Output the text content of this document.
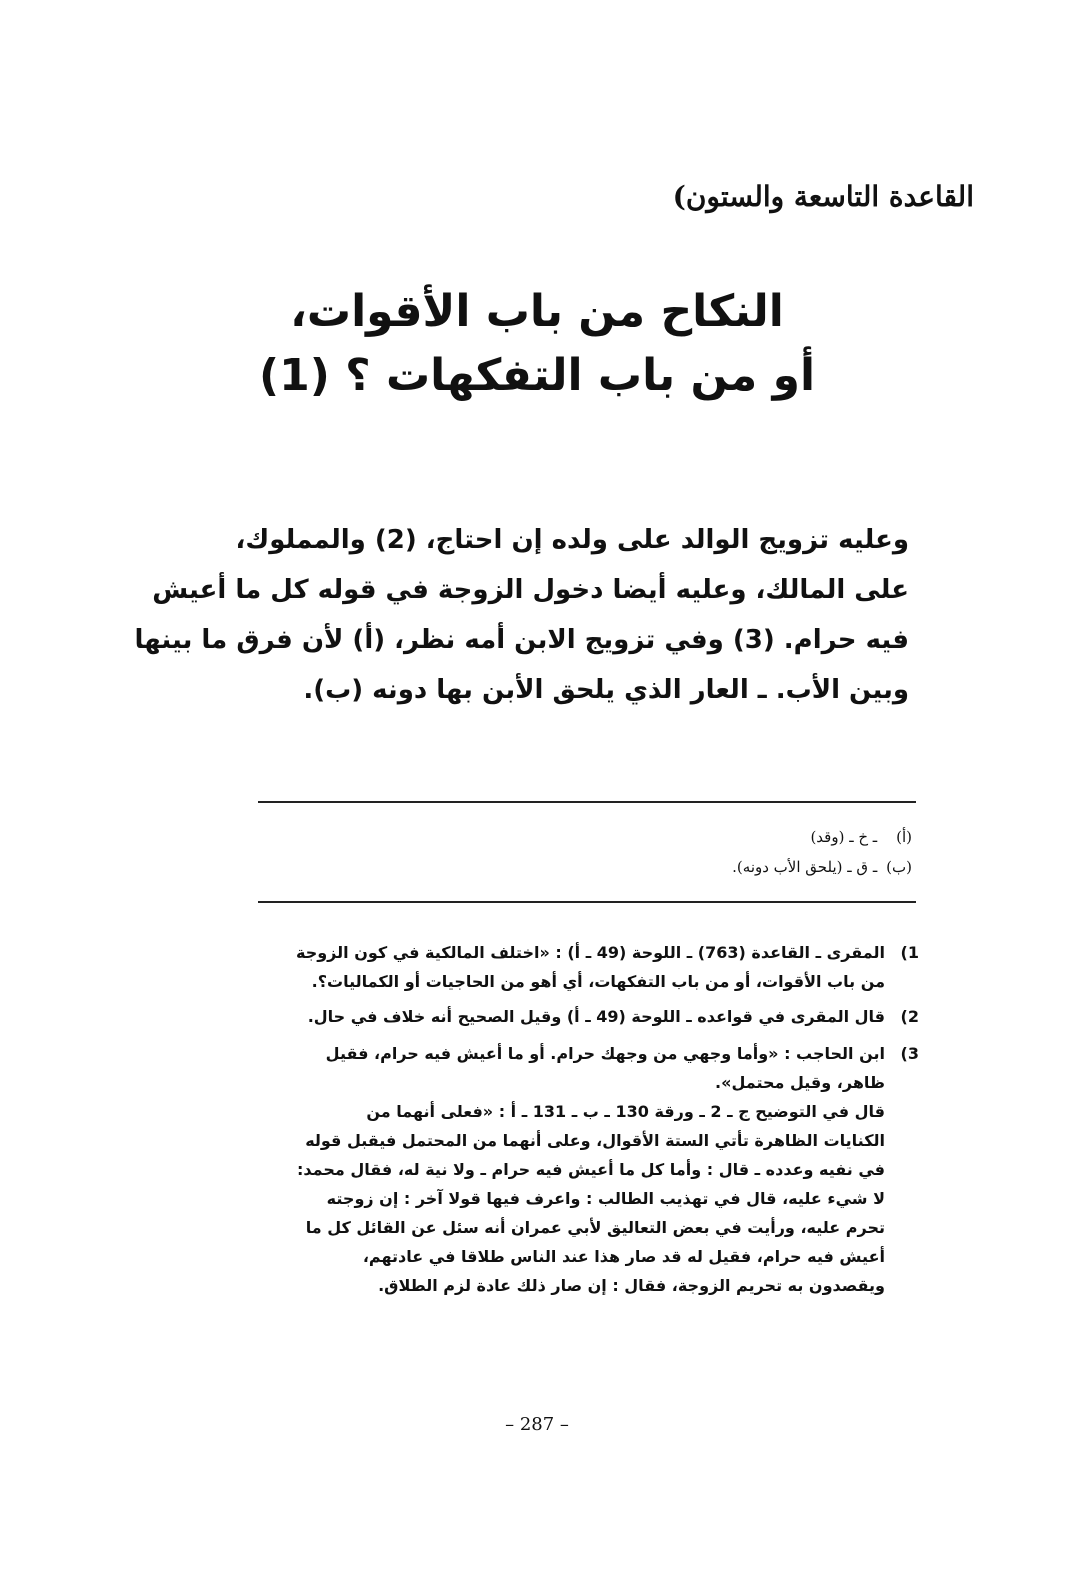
القاعدة التاسعة والستون)
النكاح من باب الأقوات،
أو من باب التفكهات ؟ (1)
وعليه تزويج الوالد على ولده إن احتاج، (2) والمملوك،
على المالك، وعليه أيضا دخول الزوجة في قوله كل ما أعيش
فيه حرام. (3) وفي تزويج الابن أمه نظر، (أ) لأن فرق ما بينها
وبين الأب. ـ العار الذي يلحق الأبن بها دونه (ب).
(أ) ـ خ ـ (وقد)
(ب) ـ ق ـ (يلحق الأب دونه).
1)
المقرى ـ القاعدة (763) ـ اللوحة (49 ـ أ) : «اختلف المالكية في كون الزوجة
من باب الأقوات، أو من باب التفكهات، أي أهو من الحاجيات أو الكماليات؟.
2)
قال المقرى في قواعده ـ اللوحة (49 ـ أ) وقيل الصحيح أنه خلاف في حال.
3)
ابن الحاجب : «وأما وجهي من وجهك حرام. أو ما أعيش فيه حرام، فقيل
ظاهر، وقيل محتمل».
قال في التوضيح ج ـ 2 ـ ورقة 130 ـ ب ـ 131 ـ أ : «فعلى أنهما من
الكنايات الظاهرة تأتي الستة الأقوال، وعلى أنهما من المحتمل فيقبل قوله
في نفيه وعدده ـ قال : وأما كل ما أعيش فيه حرام ـ ولا نية له، فقال محمد:
لا شيء عليه، قال في تهذيب الطالب : واعرف فيها قولا آخر : إن زوجته
تحرم عليه، ورأيت في بعض التعاليق لأبي عمران أنه سئل عن القائل كل ما
أعيش فيه حرام، فقيل له قد صار هذا عند الناس طلاقا في عادتهم،
ويقصدون به تحريم الزوجة، فقال : إن صار ذلك عادة لزم الطلاق.
– 287 –
